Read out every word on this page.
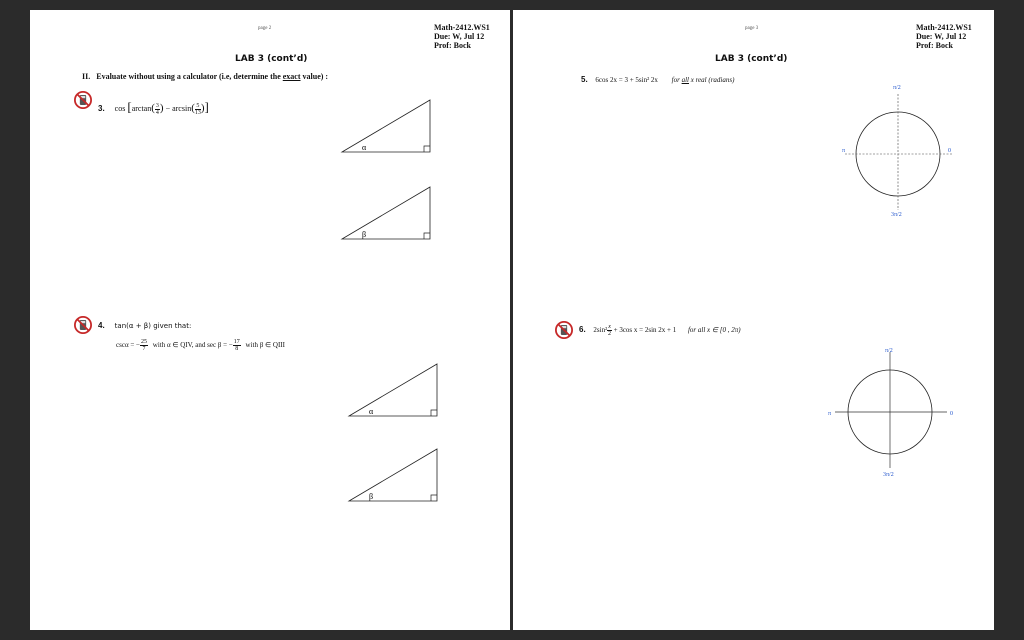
page 2	Math-2412.WS1
Due: W, Jul 12
Prof: Bock
LAB 3 (cont’d)
II. Evaluate without using a calculator (i.e, determine the exact value) :
3. $\cos [\arctan( \frac{3}{4}$ ) − $\arcsin( \frac{5}{13}$ )]
α
β
4. tan(α + β) given that:
cscα = − $\frac{25}{7}$ with α ∈ QIV, and sec β = − $\frac{17}{8}$ with β ∈ QIII
α
β
page 3	Math-2412.WS1
Due: W, Jul 12
Prof: Bock
LAB 3 (cont’d)
5. 6cos 2x = 3 + 5sin² 2x for all x real (radians)
π/2
π	0
3π/2
6. $2\sin^2 \frac{x}{2} + 3\cos$ x = 2sin 2x + 1 for all x ∈ [0 , 2π)
π/2
π	0
3π/2
